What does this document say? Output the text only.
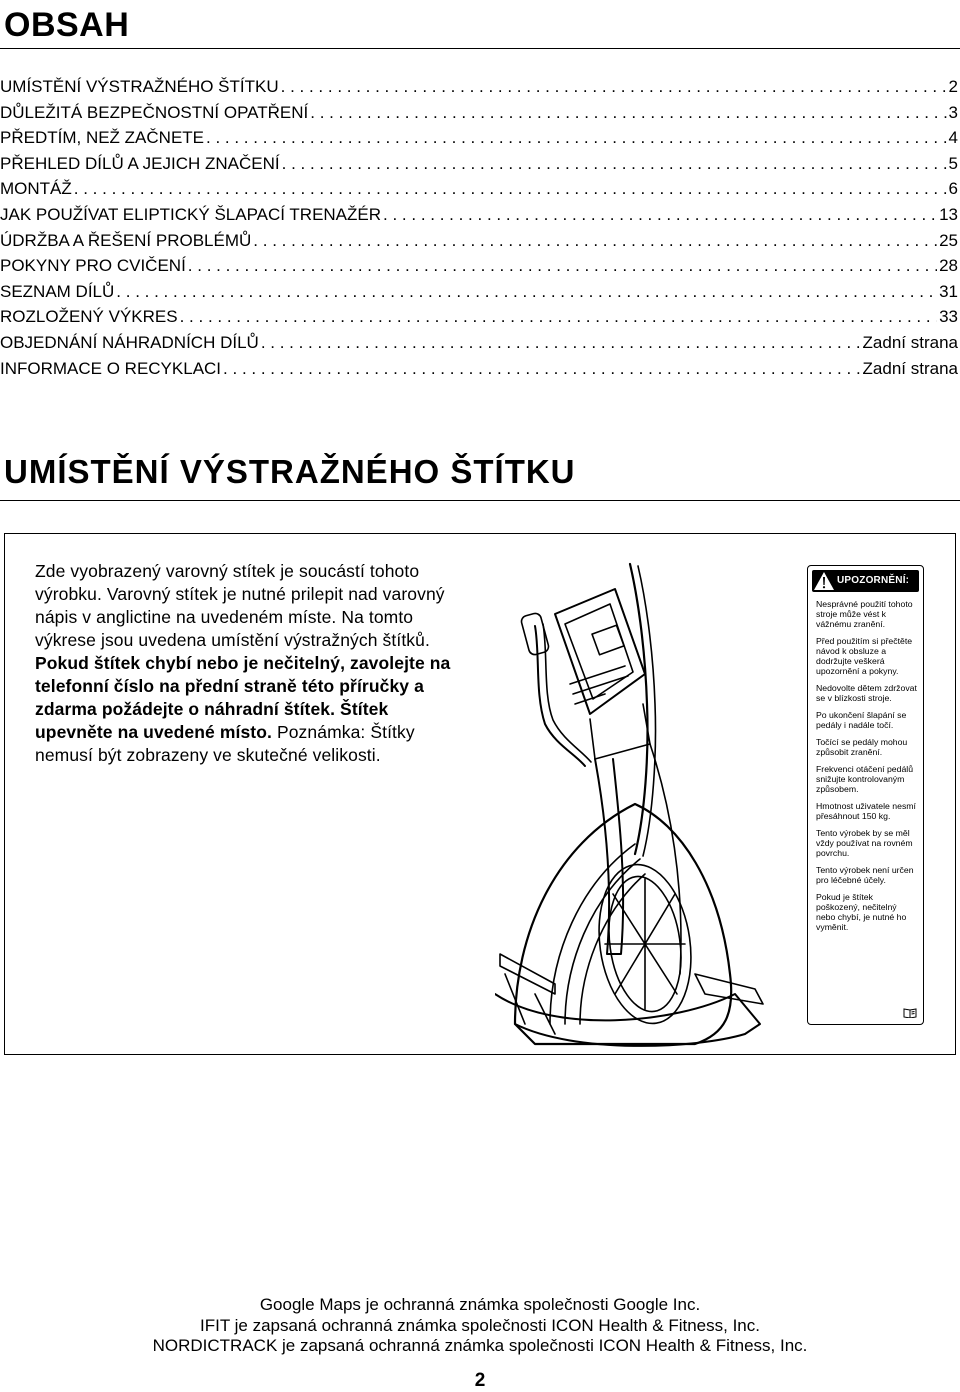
OBSAH
UMÍSTĚNÍ VÝSTRAŽNÉHO ŠTÍTKU . . .	2
DŮLEŽITÁ BEZPEČNOSTNÍ OPATŘENÍ . . .	3
PŘEDTÍM, NEŽ ZAČNETE . . .	4
PŘEHLED DÍLŮ A JEJICH ZNAČENÍ . . .	5
MONTÁŽ . . .	6
JAK POUŽÍVAT ELIPTICKÝ ŠLAPACÍ TRENAŽÉR . . .	13
ÚDRŽBA A ŘEŠENÍ PROBLÉMŮ . . .	25
POKYNY PRO CVIČENÍ . . .	28
SEZNAM DÍLŮ . . .	31
ROZLOŽENÝ VÝKRES . . .	33
OBJEDNÁNÍ NÁHRADNÍCH DÍLŮ . . .	Zadní strana
INFORMACE O RECYKLACI . . .	Zadní strana
UMÍSTĚNÍ VÝSTRAŽNÉHO ŠTÍTKU
Zde vyobrazený varovný stítek je soucástí tohoto výrobku. Varovný stítek je nutné prilepit nad varovný nápis v anglictine na uvedeném míste. Na tomto výkrese jsou uvedena umístění výstražných štítků. Pokud štítek chybí nebo je nečitelný, zavolejte na telefonní číslo na přední straně této příručky a zdarma požádejte o náhradní štítek. Štítek upevněte na uvedené místo. Poznámka: Štítky nemusí být zobrazeny ve skutečné velikosti.
UPOZORNĚNÍ:
Nesprávné použití tohoto stroje může vést k vážnému zranění.
Před použitím si přečtěte návod k obsluze a dodržujte veškerá upozornění a pokyny.
Nedovolte dětem zdržovat se v blízkosti stroje.
Po ukončení šlapání se pedály i nadále točí.
Točící se pedály mohou způsobit zranění.
Frekvenci otáčení pedálů snižujte kontrolovaným způsobem.
Hmotnost uživatele nesmí přesáhnout 150 kg.
Tento výrobek by se měl vždy používat na rovném povrchu.
Tento výrobek není určen pro léčebné účely.
Pokud je štítek poškozený, nečitelný nebo chybí, je nutné ho vyměnit.
Google Maps je ochranná známka společnosti Google Inc.
IFIT je zapsaná ochranná známka společnosti ICON Health & Fitness, Inc.
NORDICTRACK je zapsaná ochranná známka společnosti ICON Health & Fitness, Inc.
2
